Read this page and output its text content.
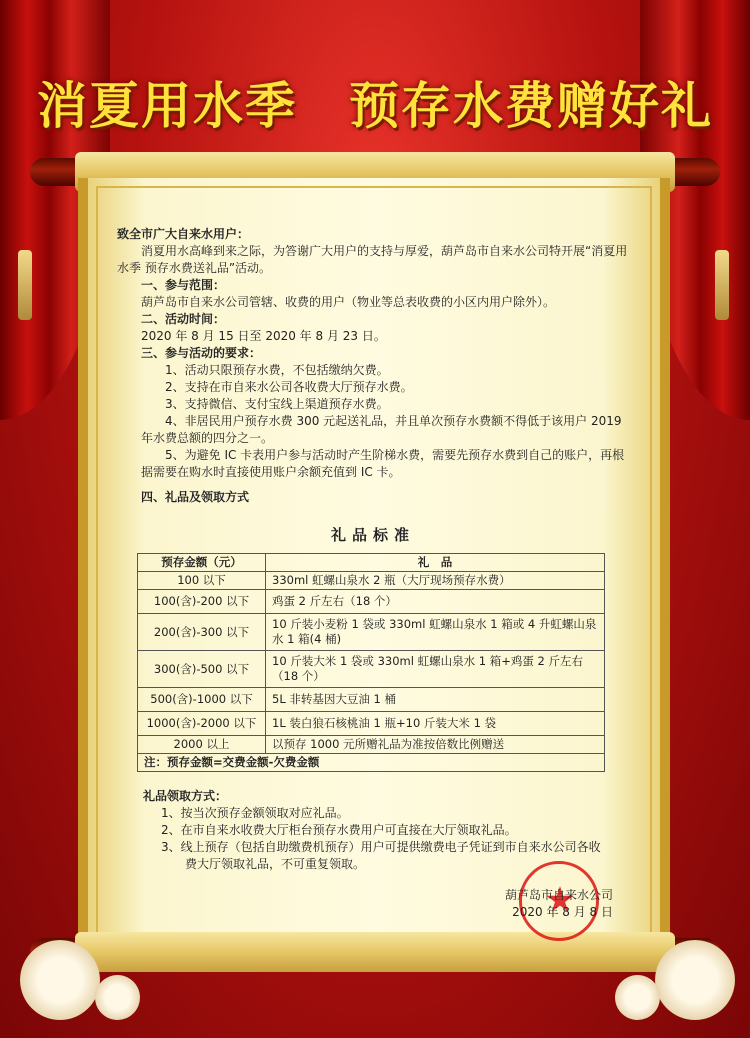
消夏用水季　预存水费赠好礼
致全市广大自来水用户：
消夏用水高峰到来之际，为答谢广大用户的支持与厚爱，葫芦岛市自来水公司特开展“消夏用水季 预存水费送礼品”活动。
一、参与范围：
葫芦岛市自来水公司管辖、收费的用户（物业等总表收费的小区内用户除外）。
二、活动时间：
2020 年 8 月 15 日至 2020 年 8 月 23 日。
三、参与活动的要求：
1、活动只限预存水费，不包括缴纳欠费。
2、支持在市自来水公司各收费大厅预存水费。
3、支持微信、支付宝线上渠道预存水费。
4、非居民用户预存水费 300 元起送礼品，并且单次预存水费额不得低于该用户 2019 年水费总额的四分之一。
5、为避免 IC 卡表用户参与活动时产生阶梯水费，需要先预存水费到自己的账户，再根据需要在购水时直接使用账户余额充值到 IC 卡。
四、礼品及领取方式
礼品标准
预存金额（元）	礼　品
100 以下	330ml 虹螺山泉水 2 瓶（大厅现场预存水费）
100(含)-200 以下	鸡蛋 2 斤左右（18 个）
200(含)-300 以下	10 斤装小麦粉 1 袋或 330ml 虹螺山泉水 1 箱或 4 升虹螺山泉水 1 箱(4 桶)
300(含)-500 以下	10 斤装大米 1 袋或 330ml 虹螺山泉水 1 箱+鸡蛋 2 斤左右（18 个）
500(含)-1000 以下	5L 非转基因大豆油 1 桶
1000(含)-2000 以下	1L 装白狼石核桃油 1 瓶+10 斤装大米 1 袋
2000 以上	以预存 1000 元所赠礼品为准按倍数比例赠送
注：预存金额=交费金额-欠费金额	
礼品领取方式：
1、按当次预存金额领取对应礼品。
2、在市自来水收费大厅柜台预存水费用户可直接在大厅领取礼品。
3、线上预存（包括自助缴费机预存）用户可提供缴费电子凭证到市自来水公司各收费大厅领取礼品，不可重复领取。
葫芦岛市自来水公司
2020 年 8 月 8 日
